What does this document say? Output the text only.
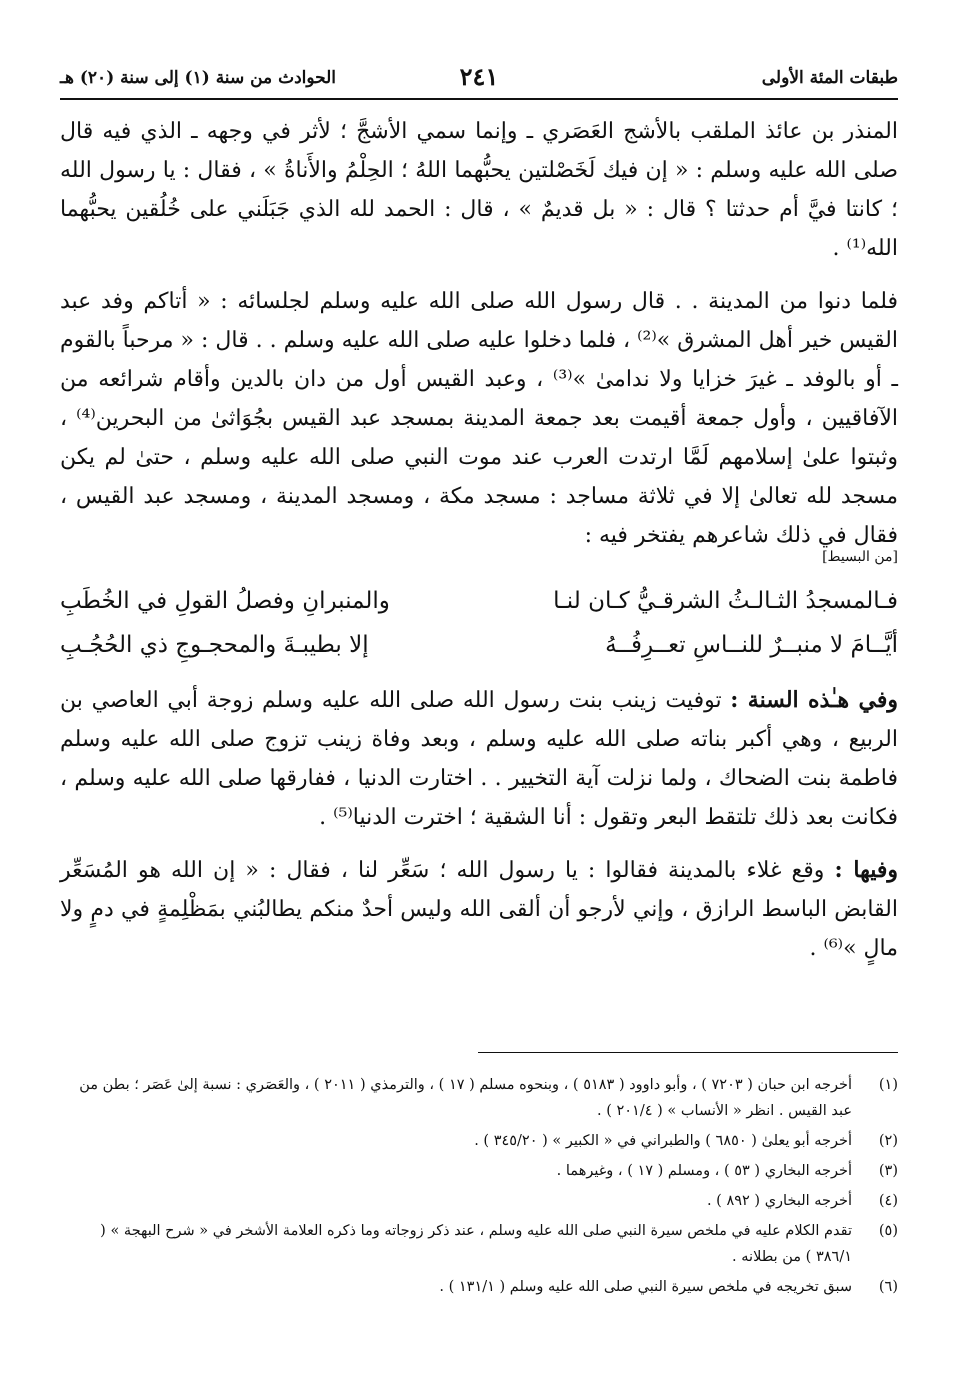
طبقات المئة الأولى
٢٤١
الحوادث من سنة (١) إلى سنة (٢٠) هـ

المنذر بن عائذ الملقب بالأشج العَصَري ـ وإنما سمي الأشجَّ ؛ لأثر في وجهه ـ الذي فيه قال صلى الله عليه وسلم : « إن فيك لَخَصْلتين يحبُّهما اللهُ ؛ الحِلْمُ والأَناةُ » ، فقال : يا رسول الله ؛ كانتا فيَّ أم حدثتا ؟ قال : « بل قديمٌ » ، قال : الحمد لله الذي جَبَلَني على خُلُقين يحبُّهما الله⁽¹⁾ .

فلما دنوا من المدينة . . قال رسول الله صلى الله عليه وسلم لجلسائه : « أتاكم وفد عبد القيس خير أهل المشرق »⁽²⁾ ، فلما دخلوا عليه صلى الله عليه وسلم . . قال : « مرحباً بالقوم ـ أو بالوفد ـ غيرَ خزايا ولا ندامىٰ »⁽³⁾ ، وعبد القيس أول من دان بالدين وأقام شرائعه من الآفاقيين ، وأول جمعة أقيمت بعد جمعة المدينة بمسجد عبد القيس بجُوَاثىٰ من البحرين⁽⁴⁾ ، وثبتوا علىٰ إسلامهم لَمَّا ارتدت العرب عند موت النبي صلى الله عليه وسلم ، حتىٰ لم يكن مسجد لله تعالىٰ إلا في ثلاثة مساجد : مسجد مكة ، ومسجد المدينة ، ومسجد عبد القيس ، فقال في ذلك شاعرهم يفتخر فيه :
[من البسيط]

فـالمسجدُ الثـالـثُ الشرقـيُّ كـان لنـا
والمنبرانِ وفصلُ القولِ في الخُطَبِ
أيَّــامَ لا منبــرٌ للنــاسِ تعــرِفُــهُ
إلا بطيبـةَ والمحجـوجِ ذي الحُجُـبِ

وفي هـٰذه السنة : توفيت زينب بنت رسول الله صلى الله عليه وسلم زوجة أبي العاصي بن الربيع ، وهي أكبر بناته صلى الله عليه وسلم ، وبعد وفاة زينب تزوج صلى الله عليه وسلم فاطمة بنت الضحاك ، ولما نزلت آية التخيير . . اختارت الدنيا ، ففارقها صلى الله عليه وسلم ، فكانت بعد ذلك تلتقط البعر وتقول : أنا الشقية ؛ اخترت الدنيا⁽⁵⁾ .

وفيها : وقع غلاء بالمدينة فقالوا : يا رسول الله ؛ سَعِّر لنا ، فقال : « إن الله هو المُسَعِّر القابض الباسط الرازق ، وإني لأرجو أن ألقى الله وليس أحدٌ منكم يطالبُني بمَظْلِمةٍ في دمٍ ولا مالٍ »⁽⁶⁾ .

(١)
أخرجه ابن حبان ( ٧٢٠٣ ) ، وأبو داوود ( ٥١٨٣ ) ، وبنحوه مسلم ( ١٧ ) ، والترمذي ( ٢٠١١ ) ، والعَصَري : نسبة إلىٰ عَصَر ؛ بطن من عبد القيس . انظر « الأنساب » ( ٢٠١/٤ ) .
(٢)
أخرجه أبو يعلىٰ ( ٦٨٥٠ ) والطبراني في « الكبير » ( ٣٤٥/٢٠ ) .
(٣)
أخرجه البخاري ( ٥٣ ) ، ومسلم ( ١٧ ) ، وغيرهما .
(٤)
أخرجه البخاري ( ٨٩٢ ) .
(٥)
تقدم الكلام عليه في ملخص سيرة النبي صلى الله عليه وسلم ، عند ذكر زوجاته وما ذكره العلامة الأشخر في « شرح البهجة » ( ٣٨٦/١ ) من بطلانه .
(٦)
سبق تخريجه في ملخص سيرة النبي صلى الله عليه وسلم ( ١٣١/١ ) .
